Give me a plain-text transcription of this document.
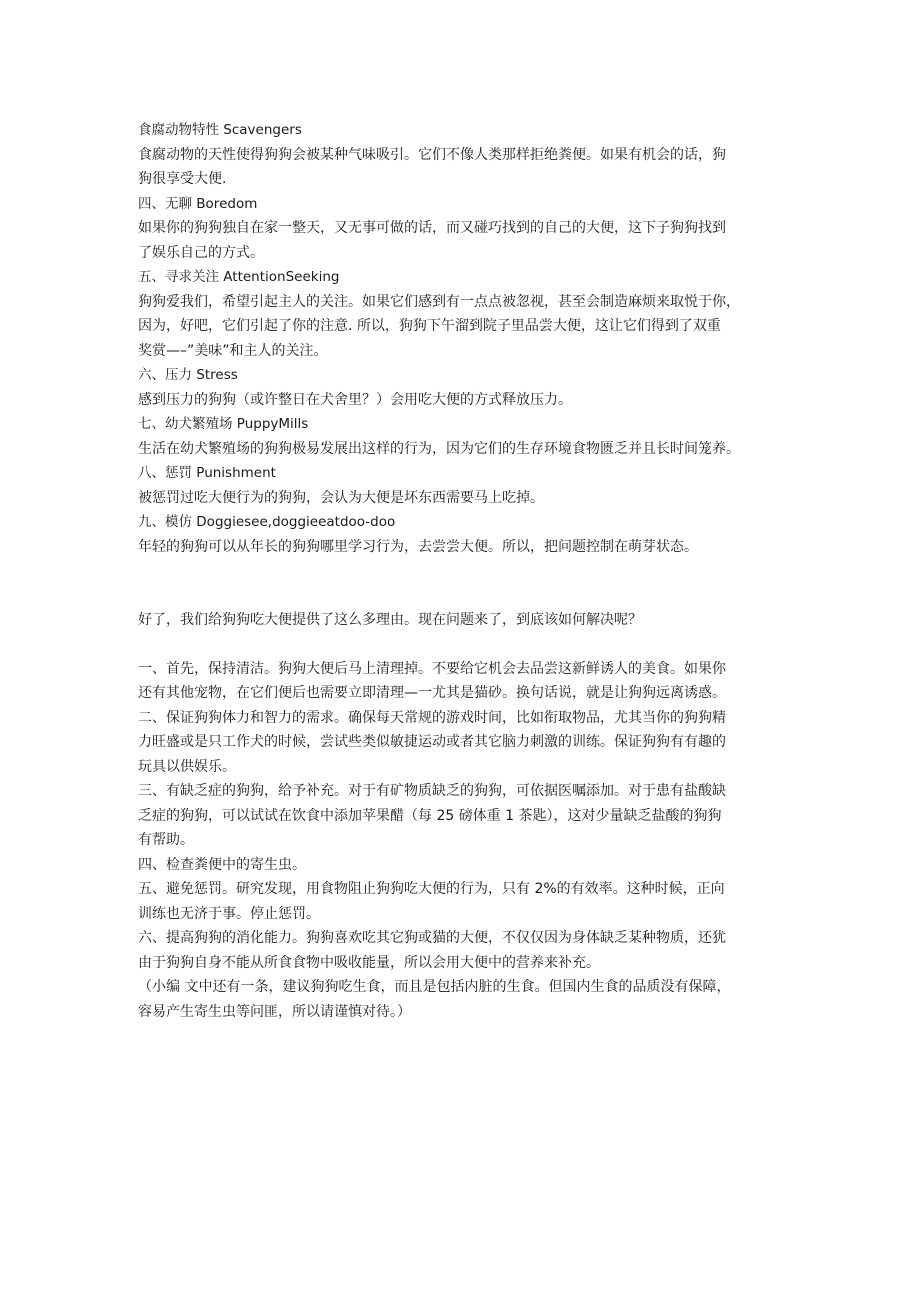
食腐动物特性 Scavengers
食腐动物的天性使得狗狗会被某种气味吸引。它们不像人类那样拒绝粪便。如果有机会的话，狗
狗很享受大便.
四、无聊 Boredom
如果你的狗狗独自在家一整天，又无事可做的话，而又碰巧找到的自己的大便，这下子狗狗找到
了娱乐自己的方式。
五、寻求关注 AttentionSeeking
狗狗爱我们，希望引起主人的关注。如果它们感到有一点点被忽视，甚至会制造麻烦来取悦于你，
因为，好吧，它们引起了你的注意. 所以，狗狗下午溜到院子里品尝大便，这让它们得到了双重
奖赏—–”美味”和主人的关注。
六、压力 Stress
感到压力的狗狗（或许整日在犬舍里？）会用吃大便的方式释放压力。
七、幼犬繁殖场 PuppyMills
生活在幼犬繁殖场的狗狗极易发展出这样的行为，因为它们的生存环境食物匮乏并且长时间笼养。
八、惩罚 Punishment
被惩罚过吃大便行为的狗狗，会认为大便是坏东西需要马上吃掉。
九、模仿 Doggiesee,doggieeatdoo-doo
年轻的狗狗可以从年长的狗狗哪里学习行为，去尝尝大便。所以，把问题控制在萌芽状态。
好了，我们给狗狗吃大便提供了这么多理由。现在问题来了，到底该如何解决呢？
一、首先，保持清洁。狗狗大便后马上清理掉。不要给它机会去品尝这新鲜诱人的美食。如果你
还有其他宠物，在它们便后也需要立即清理—一尤其是猫砂。换句话说，就是让狗狗远离诱惑。
二、保证狗狗体力和智力的需求。确保每天常规的游戏时间，比如衔取物品，尤其当你的狗狗精
力旺盛或是只工作犬的时候，尝试些类似敏捷运动或者其它脑力刺激的训练。保证狗狗有有趣的
玩具以供娱乐。
三、有缺乏症的狗狗，给予补充。对于有矿物质缺乏的狗狗，可依据医嘱添加。对于患有盐酸缺
乏症的狗狗，可以试试在饮食中添加苹果醋（每 25 磅体重 1 茶匙），这对少量缺乏盐酸的狗狗
有帮助。
四、检查粪便中的寄生虫。
五、避免惩罚。研究发现，用食物阻止狗狗吃大便的行为，只有 2%的有效率。这种时候，正向
训练也无济于事。停止惩罚。
六、提高狗狗的消化能力。狗狗喜欢吃其它狗或猫的大便，不仅仅因为身体缺乏某种物质，还犹
由于狗狗自身不能从所食食物中吸收能量，所以会用大便中的营养来补充。
（小编 文中还有一条，建议狗狗吃生食，而且是包括内脏的生食。但国内生食的品质没有保障，
容易产生寄生虫等问匪，所以请谨慎对待。）
